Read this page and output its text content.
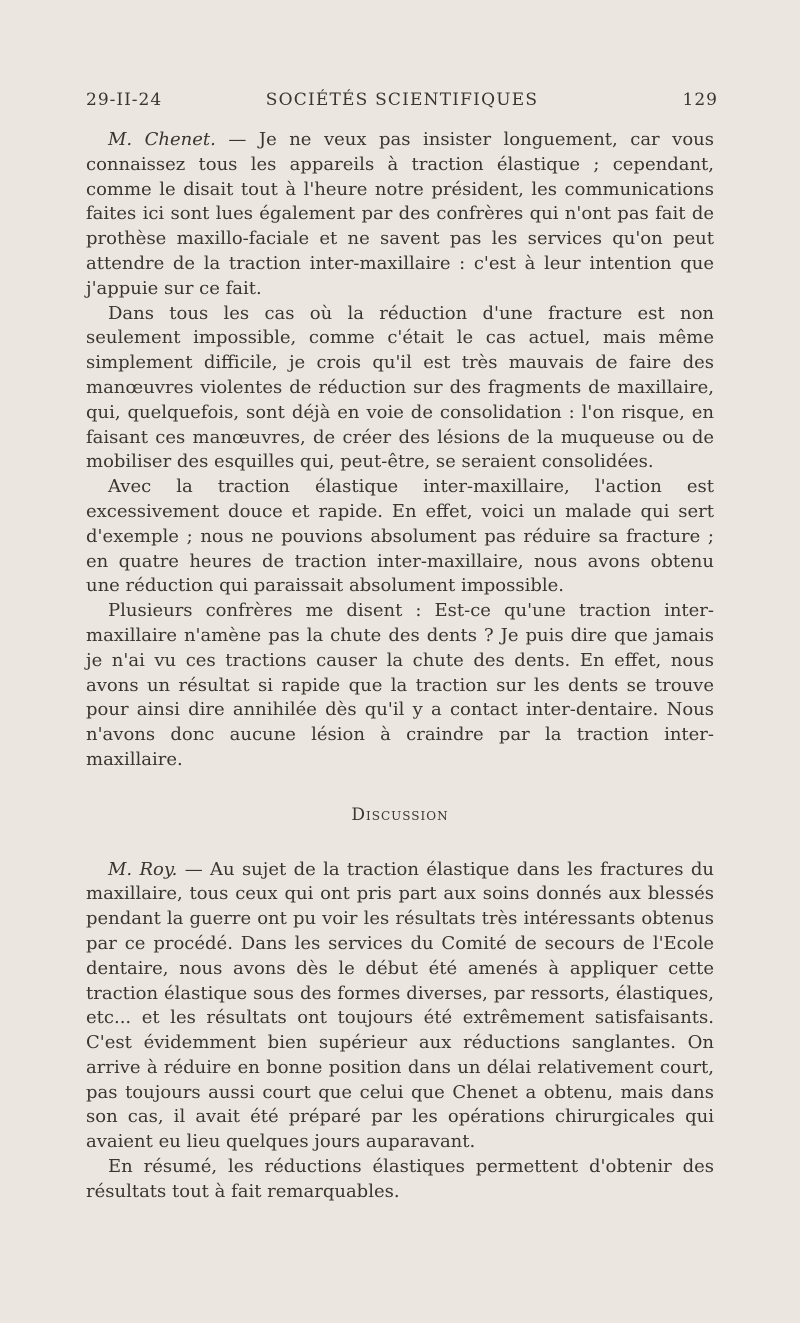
29-II-24	SOCIÉTÉS SCIENTIFIQUES	129

M. Chenet. — Je ne veux pas insister longuement, car vous connaissez tous les appareils à traction élastique ; cependant, comme le disait tout à l'heure notre président, les communications faites ici sont lues également par des confrères qui n'ont pas fait de prothèse maxillo-faciale et ne savent pas les services qu'on peut attendre de la traction inter-maxillaire : c'est à leur intention que j'appuie sur ce fait.

Dans tous les cas où la réduction d'une fracture est non seulement impossible, comme c'était le cas actuel, mais même simplement difficile, je crois qu'il est très mauvais de faire des manœuvres violentes de réduction sur des fragments de maxillaire, qui, quelquefois, sont déjà en voie de consolidation : l'on risque, en faisant ces manœuvres, de créer des lésions de la muqueuse ou de mobiliser des esquilles qui, peut-être, se seraient consolidées.

Avec la traction élastique inter-maxillaire, l'action est excessivement douce et rapide. En effet, voici un malade qui sert d'exemple ; nous ne pouvions absolument pas réduire sa fracture ; en quatre heures de traction inter-maxillaire, nous avons obtenu une réduction qui paraissait absolument impossible.

Plusieurs confrères me disent : Est-ce qu'une traction inter-maxillaire n'amène pas la chute des dents ? Je puis dire que jamais je n'ai vu ces tractions causer la chute des dents. En effet, nous avons un résultat si rapide que la traction sur les dents se trouve pour ainsi dire annihilée dès qu'il y a contact inter-dentaire. Nous n'avons donc aucune lésion à craindre par la traction inter-maxillaire.

Discussion

M. Roy. — Au sujet de la traction élastique dans les fractures du maxillaire, tous ceux qui ont pris part aux soins donnés aux blessés pendant la guerre ont pu voir les résultats très intéressants obtenus par ce procédé. Dans les services du Comité de secours de l'Ecole dentaire, nous avons dès le début été amenés à appliquer cette traction élastique sous des formes diverses, par ressorts, élastiques, etc... et les résultats ont toujours été extrêmement satisfaisants. C'est évidemment bien supérieur aux réductions sanglantes. On arrive à réduire en bonne position dans un délai relativement court, pas toujours aussi court que celui que Chenet a obtenu, mais dans son cas, il avait été préparé par les opérations chirurgicales qui avaient eu lieu quelques jours auparavant.

En résumé, les réductions élastiques permettent d'obtenir des résultats tout à fait remarquables.
